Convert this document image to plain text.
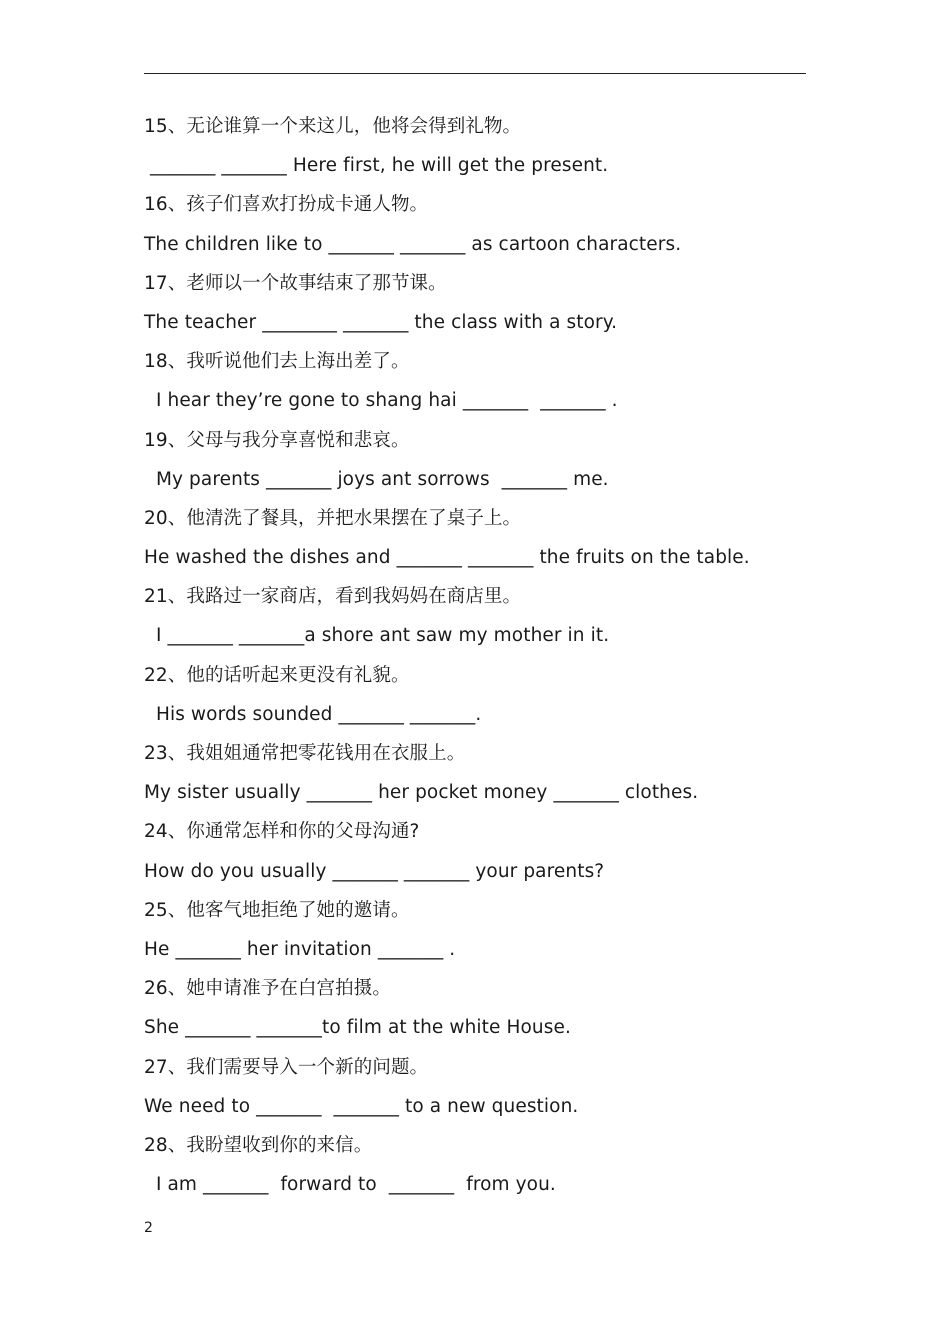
15、无论谁算一个来这儿，他将会得到礼物。
_______ _______ Here first, he will get the present.
16、孩子们喜欢打扮成卡通人物。
The children like to _______ _______ as cartoon characters.
17、老师以一个故事结束了那节课。
The teacher ________ _______ the class with a story.
18、我听说他们去上海出差了。
I hear they’re gone to shang hai _______  _______ .
19、父母与我分享喜悦和悲哀。
My parents _______ joys ant sorrows  _______ me.
20、他清洗了餐具，并把水果摆在了桌子上。
He washed the dishes and _______ _______ the fruits on the table.
21、我路过一家商店，看到我妈妈在商店里。
I _______ _______a shore ant saw my mother in it.
22、他的话听起来更没有礼貌。
His words sounded _______ _______.
23、我姐姐通常把零花钱用在衣服上。
My sister usually _______ her pocket money _______ clothes.
24、你通常怎样和你的父母沟通?
How do you usually _______ _______ your parents?
25、他客气地拒绝了她的邀请。
He _______ her invitation _______ .
26、她申请准予在白宫拍摄。
She _______ _______to film at the white House.
27、我们需要导入一个新的问题。
We need to _______  _______ to a new question.
28、我盼望收到你的来信。
I am _______  forward to  _______  from you.
2
